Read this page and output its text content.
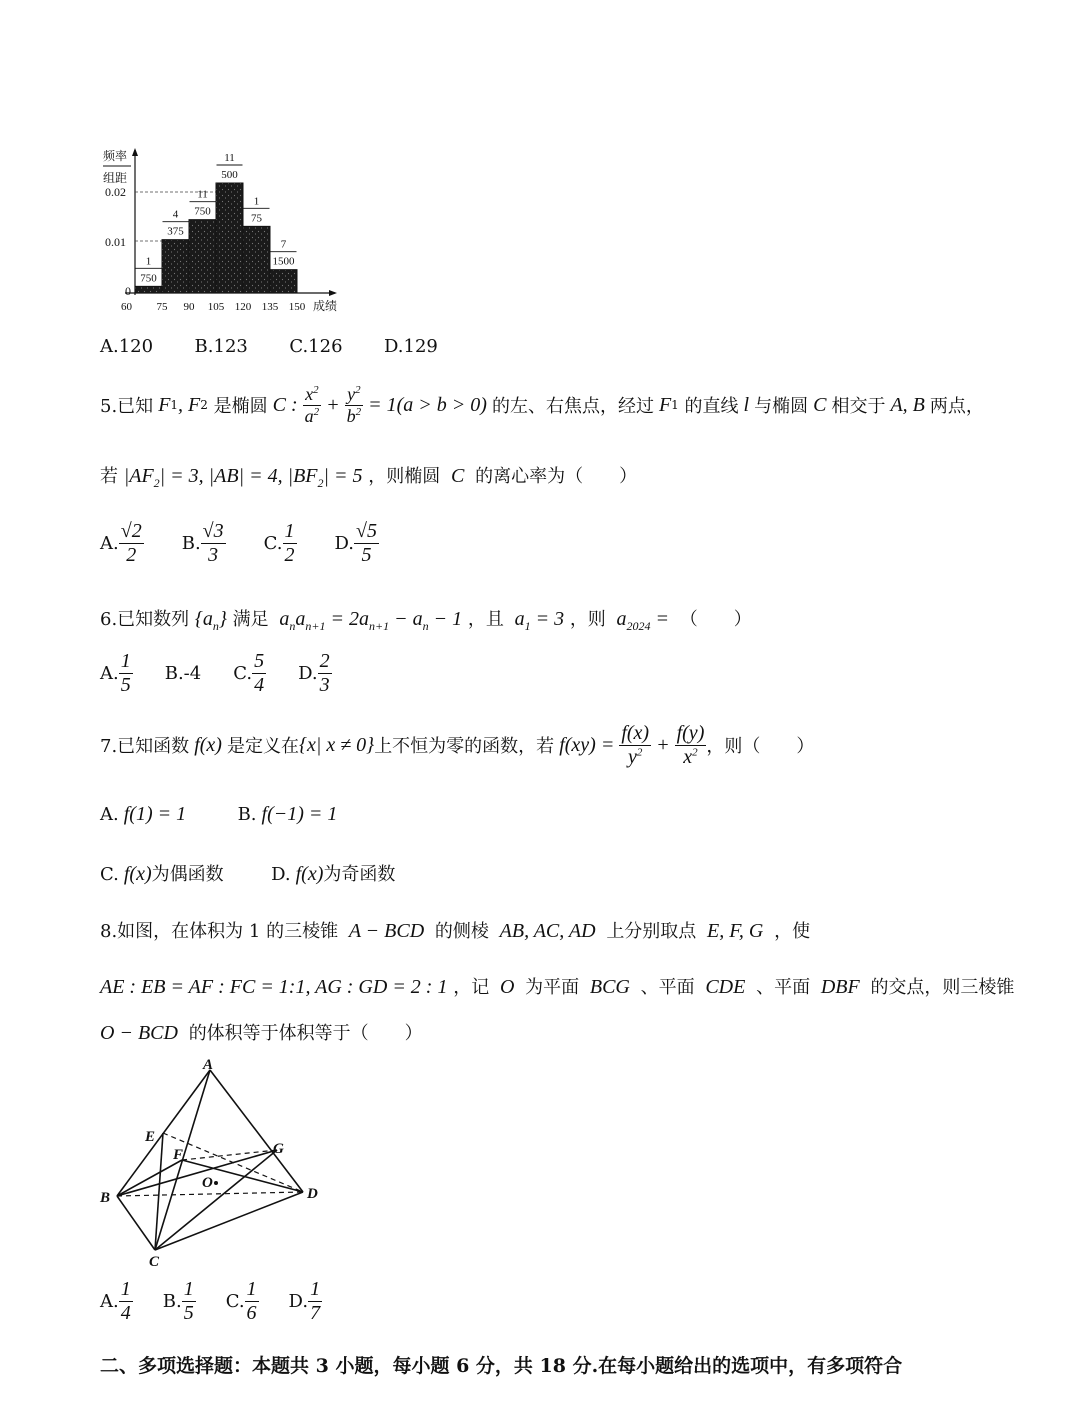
频率
组距
0.02
0.01
0
1
750
4
375
11
750
11
500
1
75
7
1500
60 75 90 105 120 135 150 成绩
A.120 B.123 C.126 D.129
5.已知 F 1 , F 2
是椭圆 C : $\frac{x^2}{a^2} + \frac{y^2}{b^2} = 1(a > b > 0)$ 的左、右焦点，经过 F 1
的直线 l 与椭圆 C 相交于 A, B 两点，
若 $|AF_2| = 3$, |AB| = 4, $|BF_2| = 5$ ，则椭圆  C  的离心率为（　　）
A. $\frac{√2}{2} B$. $\frac{√3}{3} C$. $\frac{1}{2} D$. $\frac{√5}{5}$
6.已知数列 $\{a_n\}$ 满足  $a_na_{n+1} = 2a_{n+1} - a_n - 1$ ，且  $a_1 = 3$ ，则  $a_{2024}$ =  （　　）
A. $\frac{1}{5} B.-4$ C. $\frac{5}{4} D$. $\frac{2}{3}$
7.已知函数 f(x) 是定义在 {x| x ≠ 0} 上不恒为零的函数，若 $f(xy) = \frac{f(x)}{y^2} + \frac{f(y)}{x^2}$ ，则（　　）
A. f(1) = 1	B. f(−1) = 1
C. f(x)为偶函数	D. f(x)为奇函数
8.如图，在体积为 1 的三棱锥  A − BCD  的侧棱  AB, AC, AD  上分别取点  E, F, G  ，使
AE : EB = AF : FC = 1:1, AG : GD = 2 : 1 ，记  O  为平面  BCG  、平面  CDE  、平面  DBF  的交点，则三棱锥
O − BCD  的体积等于体积等于（　　）
A
E
F	G
O
B	D
C
A. $\frac{1}{4} B$. $\frac{1}{5} C$. $\frac{1}{6} D$. $\frac{1}{7}$
二、多项选择题：本题共 3 小题，每小题 6 分，共 18 分.在每小题给出的选项中，有多项符合
